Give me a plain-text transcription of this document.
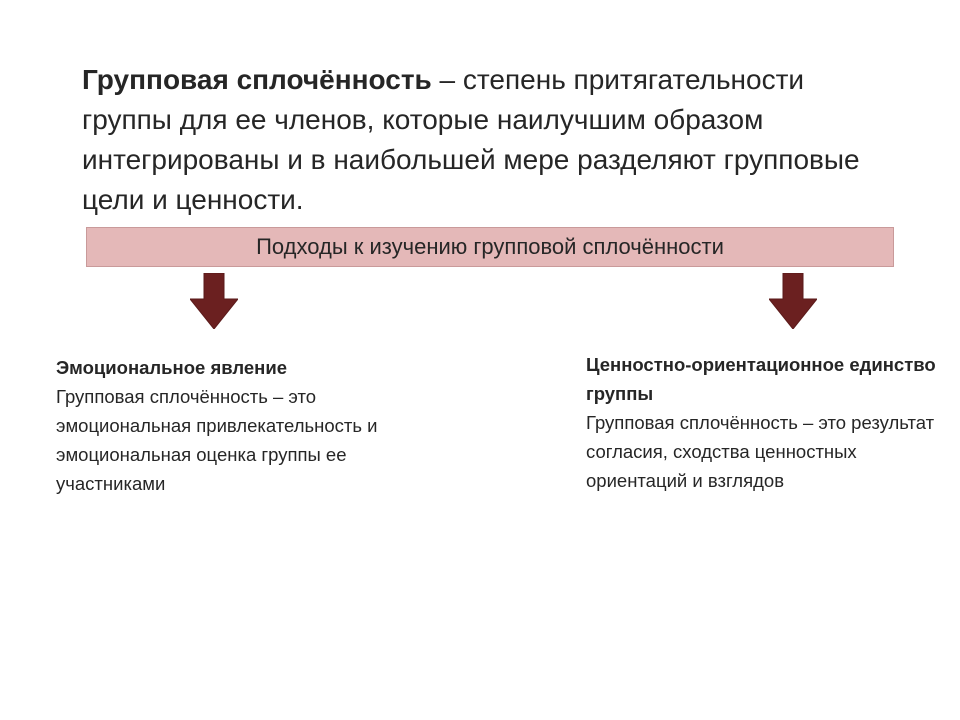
Групповая сплочённость – степень притягательности группы для ее членов, которые наилучшим образом интегрированы и в наибольшей мере разделяют групповые цели и ценности.

Подходы к изучению групповой сплочённости
Эмоциональное явление
Групповая сплочённость – это эмоциональная привлекательность и эмоциональная оценка группы ее участниками
Ценностно-ориентационное единство группы
Групповая сплочённость – это результат согласия, сходства ценностных ориентаций и взглядов
